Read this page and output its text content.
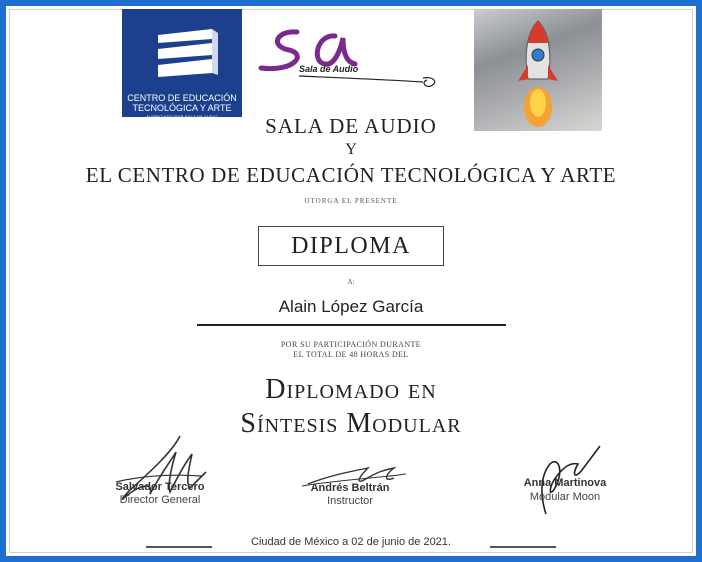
CENTRO DE EDUCACIÓN
TECNOLÓGICA Y ARTE
AUSPICIADO POR SALA DE AUDIO
Sala de Audio
SALA DE AUDIO
Y
EL CENTRO DE EDUCACIÓN TECNOLÓGICA Y ARTE
OTORGA EL PRESENTE
DIPLOMA
A:
Alain López García
POR SU PARTICIPACIÓN DURANTE
EL TOTAL DE 48 HORAS DEL
Diplomado en
Síntesis Modular
Salvador Tercero
Director General
Andrés Beltrán
Instructor
Anna Martinova
Modular Moon
Ciudad de México a 02 de junio de 2021.
